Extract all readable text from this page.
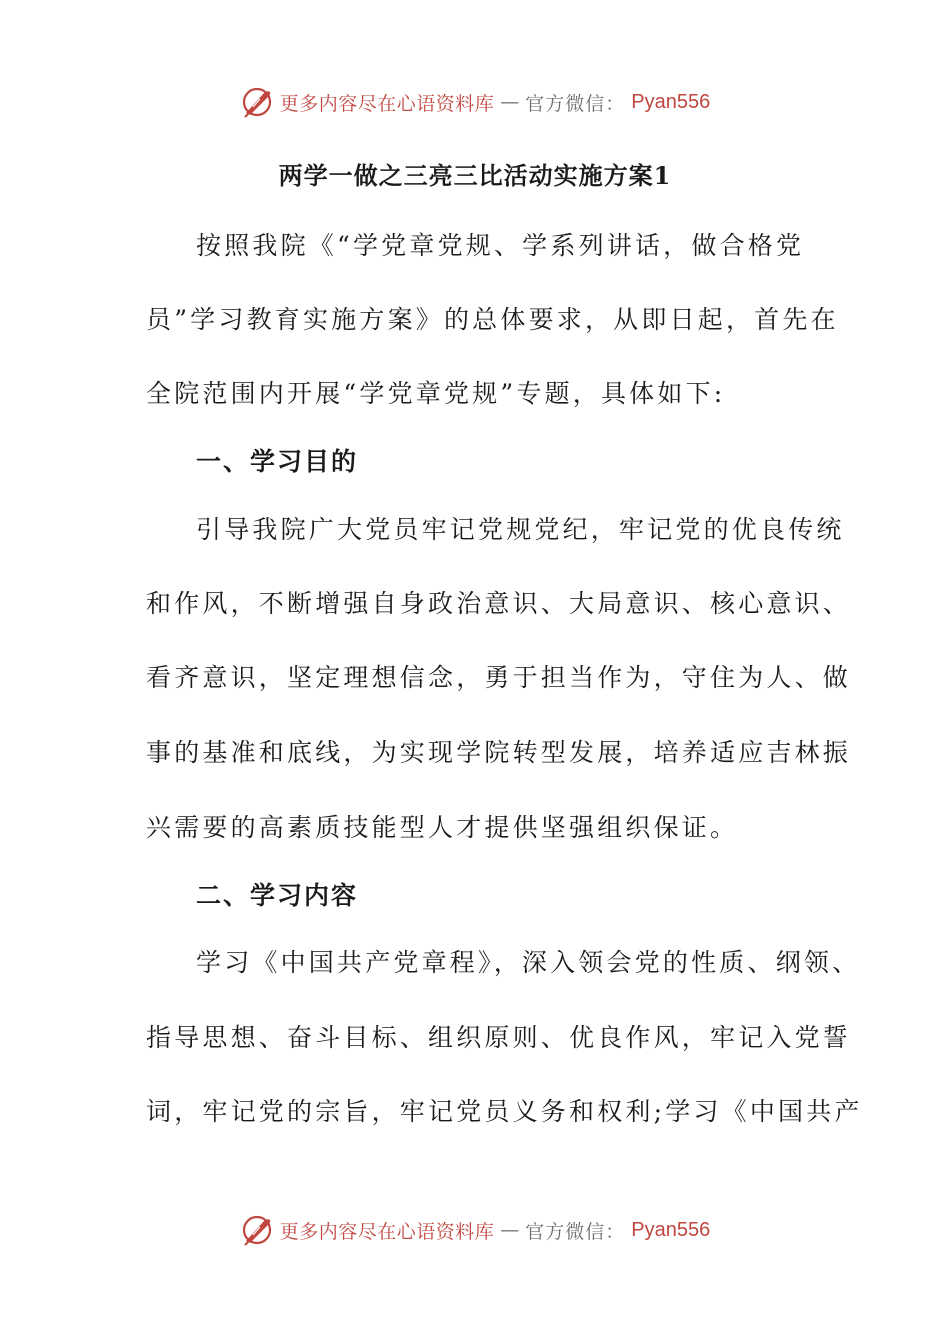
更多内容尽在心语资料库 — 官方微信： Pyan556
两学一做之三亮三比活动实施方案1
按照我院《“学党章党规、学系列讲话，做合格党
员”学习教育实施方案》的总体要求，从即日起，首先在
全院范围内开展“学党章党规”专题，具体如下:
一、学习目的
引导我院广大党员牢记党规党纪，牢记党的优良传统
和作风，不断增强自身政治意识、大局意识、核心意识、
看齐意识，坚定理想信念，勇于担当作为，守住为人、做
事的基准和底线，为实现学院转型发展，培养适应吉林振
兴需要的高素质技能型人才提供坚强组织保证。
二、学习内容
学习《中国共产党章程》，深入领会党的性质、纲领、
指导思想、奋斗目标、组织原则、优良作风，牢记入党誓
词，牢记党的宗旨，牢记党员义务和权利;学习《中国共产
更多内容尽在心语资料库 — 官方微信： Pyan556
